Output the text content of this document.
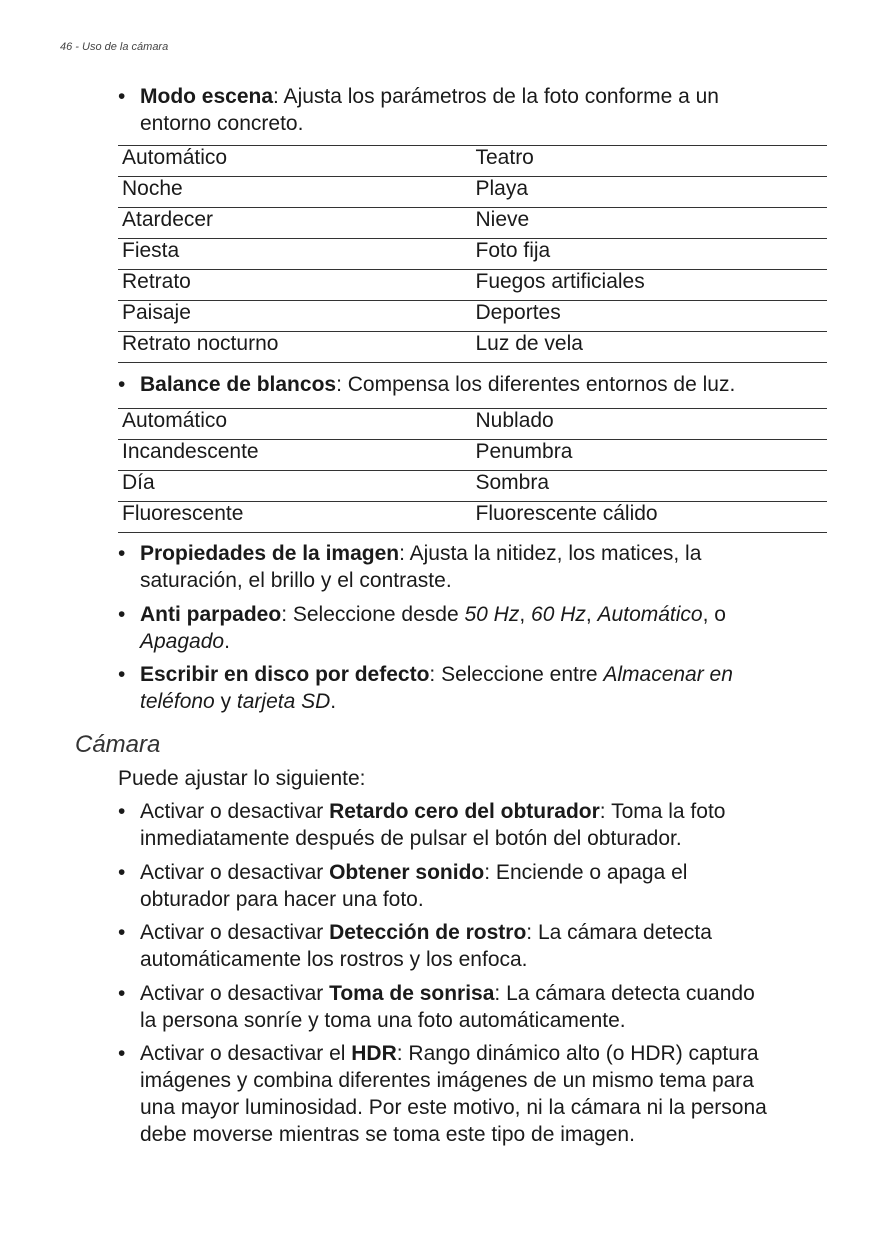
46 - Uso de la cámara
• Modo escena: Ajusta los parámetros de la foto conforme a un
entorno concreto.
Automático	Teatro
Noche	Playa
Atardecer	Nieve
Fiesta	Foto fija
Retrato	Fuegos artificiales
Paisaje	Deportes
Retrato nocturno	Luz de vela
• Balance de blancos: Compensa los diferentes entornos de luz.
Automático	Nublado
Incandescente	Penumbra
Día	Sombra
Fluorescente	Fluorescente cálido
• Propiedades de la imagen: Ajusta la nitidez, los matices, la
saturación, el brillo y el contraste.
• Anti parpadeo: Seleccione desde 50 Hz, 60 Hz, Automático, o
Apagado.
• Escribir en disco por defecto: Seleccione entre Almacenar en
teléfono y tarjeta SD.
Cámara
Puede ajustar lo siguiente:
• Activar o desactivar Retardo cero del obturador: Toma la foto
inmediatamente después de pulsar el botón del obturador.
• Activar o desactivar Obtener sonido: Enciende o apaga el
obturador para hacer una foto.
• Activar o desactivar Detección de rostro: La cámara detecta
automáticamente los rostros y los enfoca.
• Activar o desactivar Toma de sonrisa: La cámara detecta cuando
la persona sonríe y toma una foto automáticamente.
• Activar o desactivar el HDR: Rango dinámico alto (o HDR) captura
imágenes y combina diferentes imágenes de un mismo tema para
una mayor luminosidad. Por este motivo, ni la cámara ni la persona
debe moverse mientras se toma este tipo de imagen.
